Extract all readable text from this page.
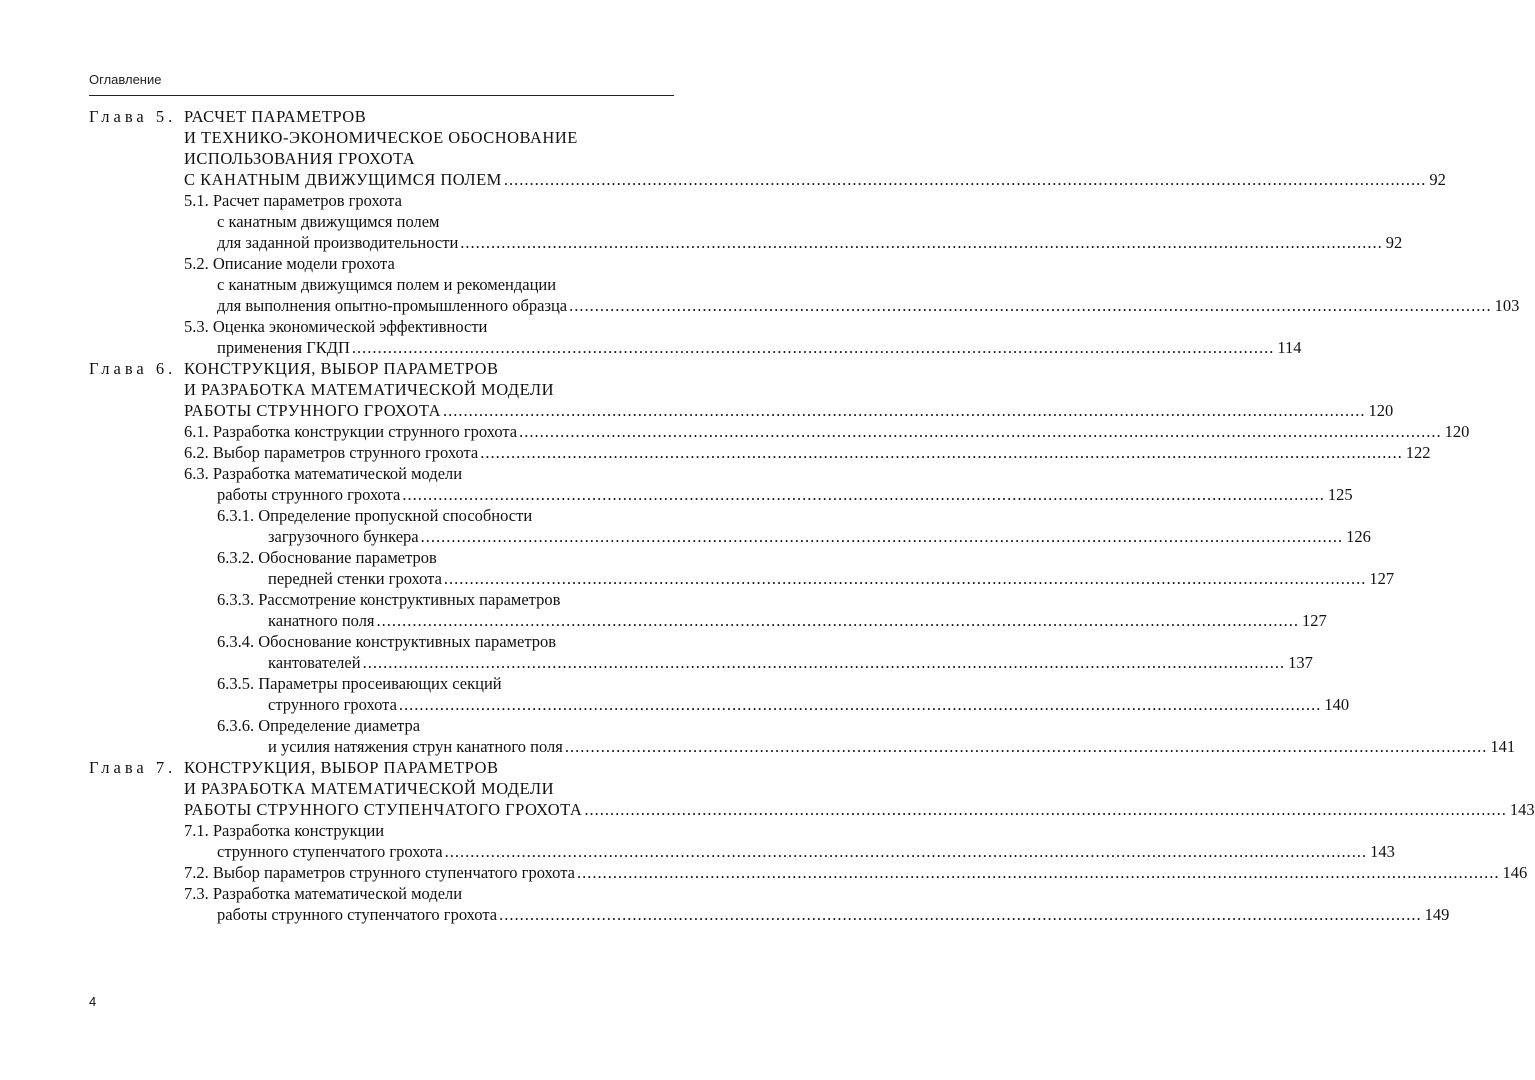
Оглавление
Глава 5. РАСЧЕТ ПАРАМЕТРОВ
И ТЕХНИКО-ЭКОНОМИЧЕСКОЕ ОБОСНОВАНИЕ
ИСПОЛЬЗОВАНИЯ ГРОХОТА
С КАНАТНЫМ ДВИЖУЩИМСЯ ПОЛЕМ .................................................................................................................................................................................... 92
5.1. Расчет параметров грохота
с канатным движущимся полем
для заданной производительности .................................................................................................................................................................................... 92
5.2. Описание модели грохота
с канатным движущимся полем и рекомендации
для выполнения опытно-промышленного образца .................................................................................................................................................................................... 103
5.3. Оценка экономической эффективности
применения ГКДП .................................................................................................................................................................................... 114
Глава 6. КОНСТРУКЦИЯ, ВЫБОР ПАРАМЕТРОВ
И РАЗРАБОТКА МАТЕМАТИЧЕСКОЙ МОДЕЛИ
РАБОТЫ СТРУННОГО ГРОХОТА .................................................................................................................................................................................... 120
6.1. Разработка конструкции струнного грохота .................................................................................................................................................................................... 120
6.2. Выбор параметров струнного грохота .................................................................................................................................................................................... 122
6.3. Разработка математической модели
работы струнного грохота .................................................................................................................................................................................... 125
6.3.1. Определение пропускной способности
загрузочного бункера .................................................................................................................................................................................... 126
6.3.2. Обоснование параметров
передней стенки грохота .................................................................................................................................................................................... 127
6.3.3. Рассмотрение конструктивных параметров
канатного поля .................................................................................................................................................................................... 127
6.3.4. Обоснование конструктивных параметров
кантователей .................................................................................................................................................................................... 137
6.3.5. Параметры просеивающих секций
струнного грохота .................................................................................................................................................................................... 140
6.3.6. Определение диаметра
и усилия натяжения струн канатного поля .................................................................................................................................................................................... 141
Глава 7. КОНСТРУКЦИЯ, ВЫБОР ПАРАМЕТРОВ
И РАЗРАБОТКА МАТЕМАТИЧЕСКОЙ МОДЕЛИ
РАБОТЫ СТРУННОГО СТУПЕНЧАТОГО ГРОХОТА .................................................................................................................................................................................... 143
7.1. Разработка конструкции
струнного ступенчатого грохота .................................................................................................................................................................................... 143
7.2. Выбор параметров струнного ступенчатого грохота .................................................................................................................................................................................... 146
7.3. Разработка математической модели
работы струнного ступенчатого грохота .................................................................................................................................................................................... 149
4
